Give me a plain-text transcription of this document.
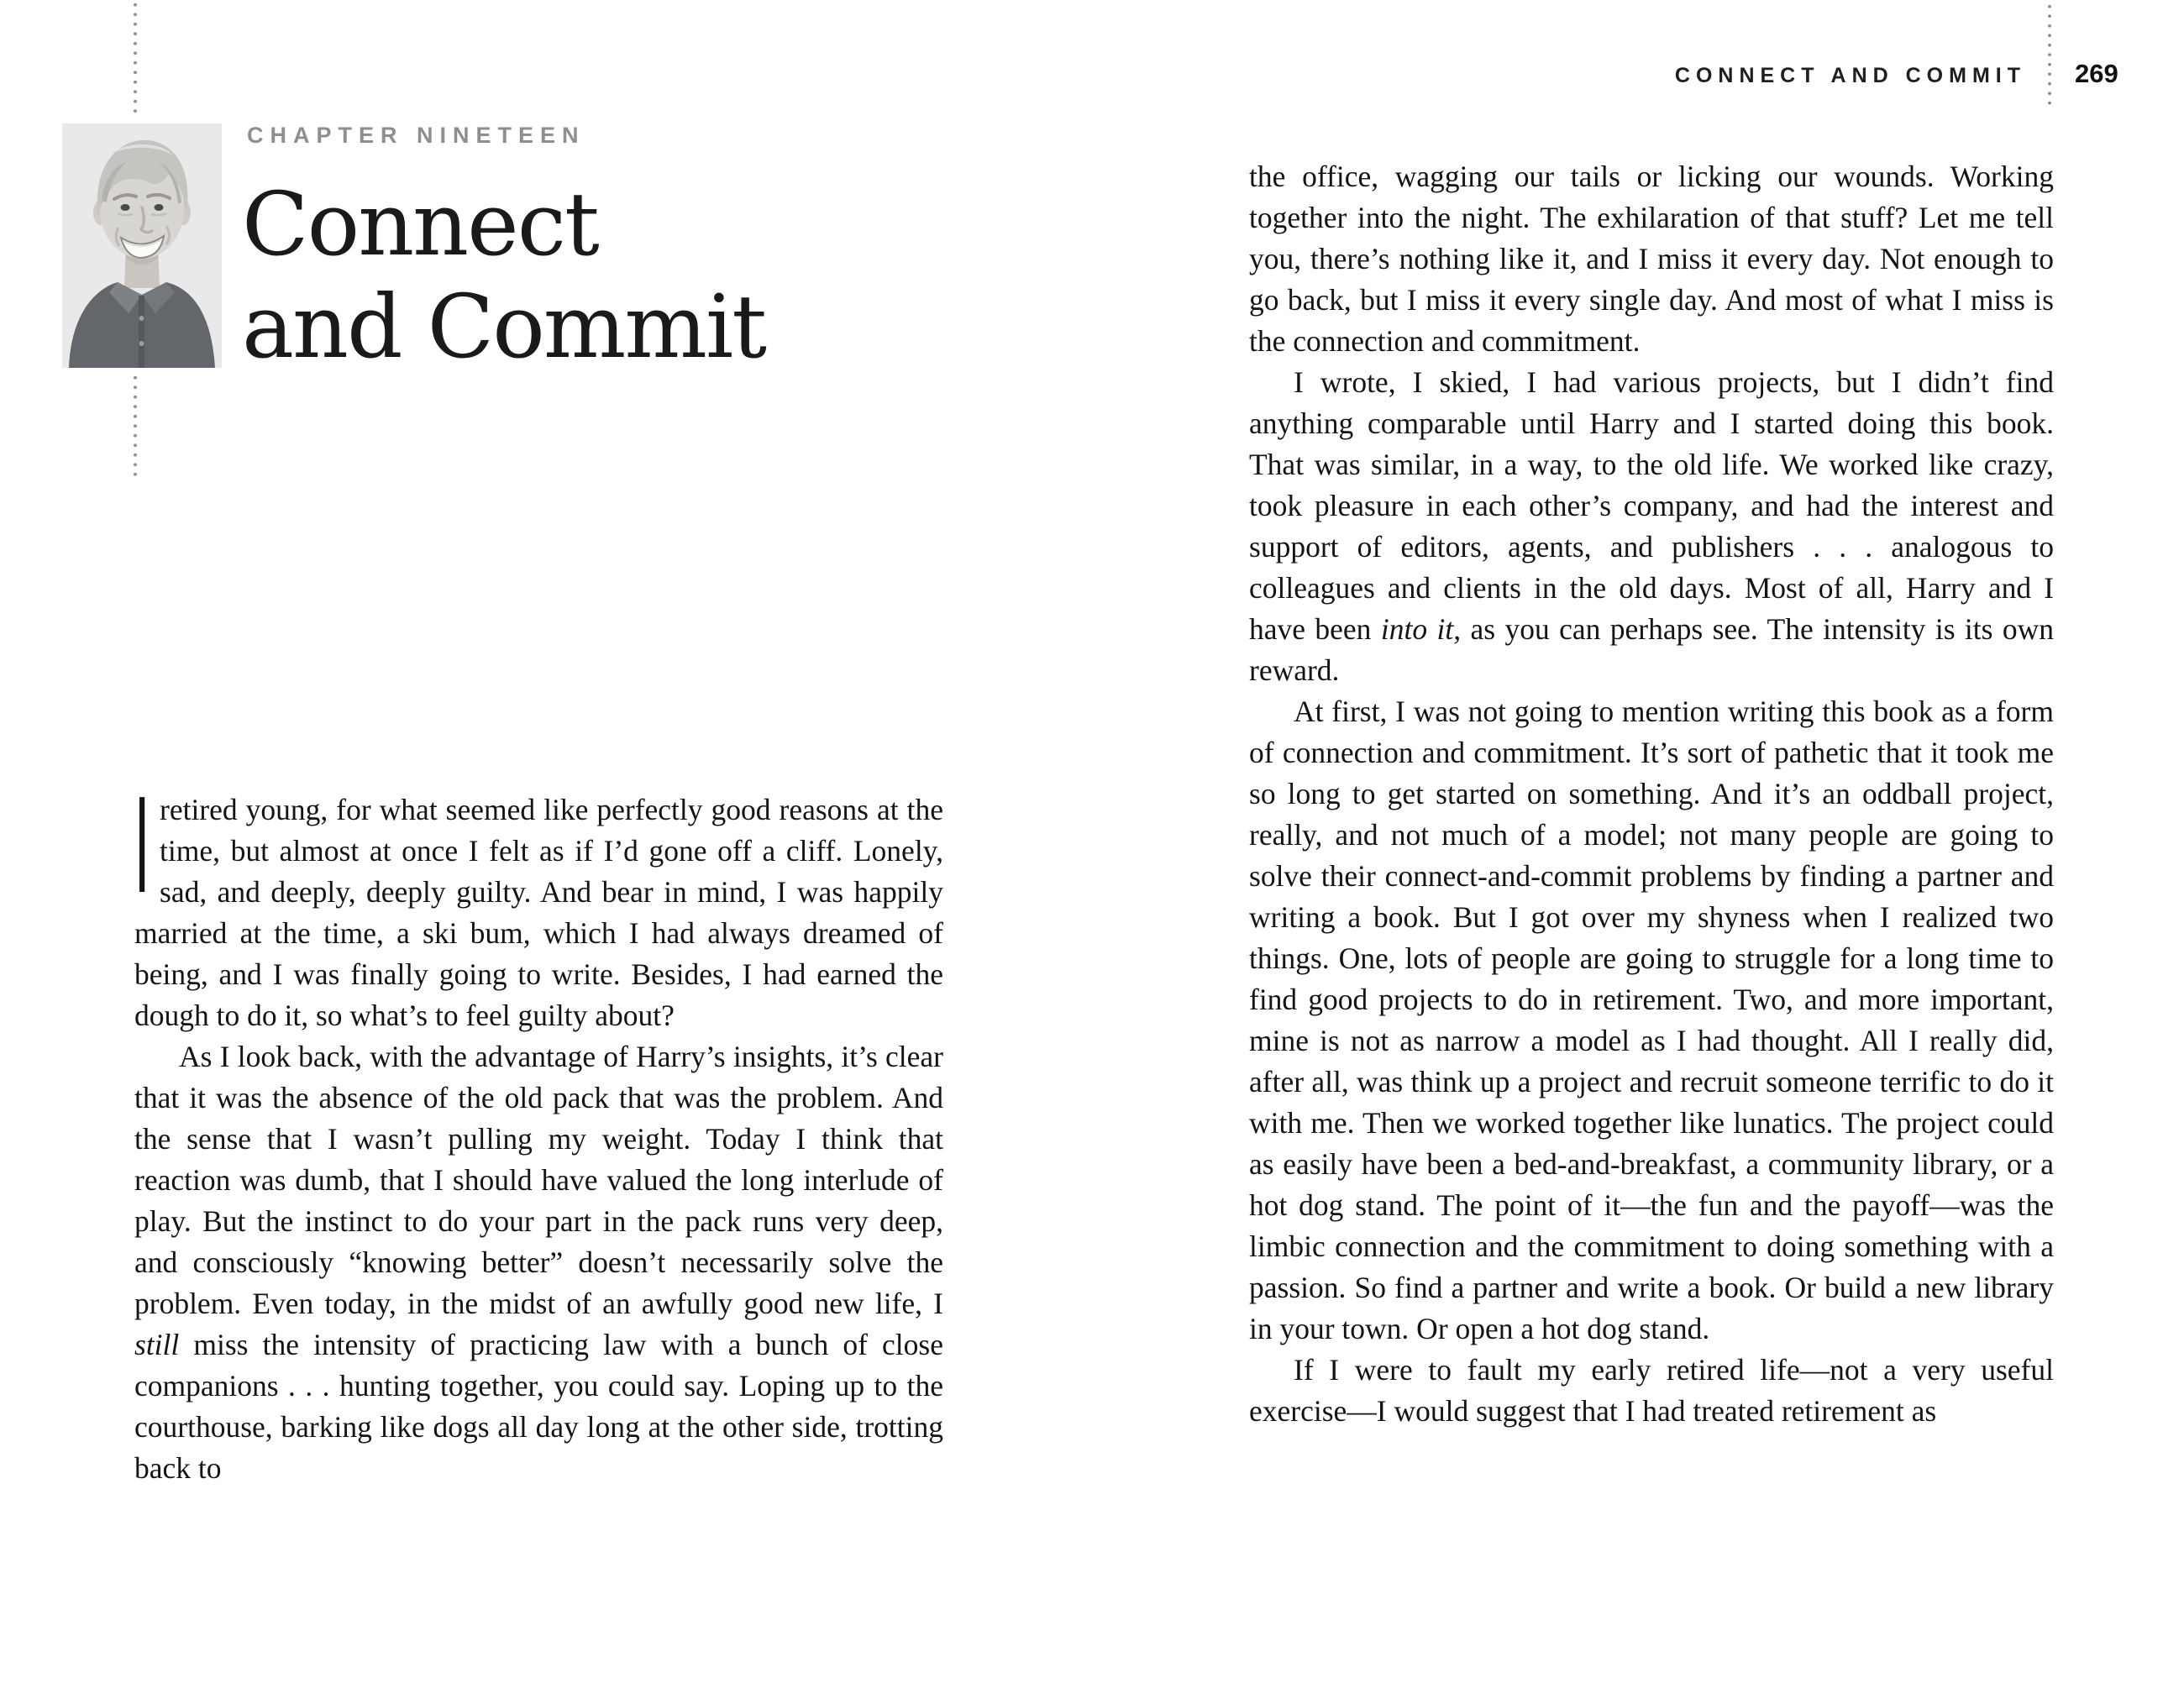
CHAPTER NINETEEN
Connect
and Commit

Iretired young, for what seemed like perfectly good reasons at the time, but almost at once I felt as if I’d gone off a cliff. Lonely, sad, and deeply, deeply guilty. And bear in mind, I was happily married at the time, a ski bum, which I had always dreamed of being, and I was finally going to write. Besides, I had earned the dough to do it, so what’s to feel guilty about?

As I look back, with the advantage of Harry’s insights, it’s clear that it was the absence of the old pack that was the problem. And the sense that I wasn’t pulling my weight. Today I think that reaction was dumb, that I should have valued the long interlude of play. But the instinct to do your part in the pack runs very deep, and consciously “knowing better” doesn’t necessarily solve the problem. Even today, in the midst of an awfully good new life, I still miss the intensity of practicing law with a bunch of close companions . . . hunting together, you could say. Loping up to the courthouse, barking like dogs all day long at the other side, trotting back to

CONNECT AND COMMIT 269

the office, wagging our tails or licking our wounds. Working together into the night. The exhilaration of that stuff? Let me tell you, there’s nothing like it, and I miss it every day. Not enough to go back, but I miss it every single day. And most of what I miss is the connection and commitment.

I wrote, I skied, I had various projects, but I didn’t find anything comparable until Harry and I started doing this book. That was similar, in a way, to the old life. We worked like crazy, took pleasure in each other’s company, and had the interest and support of editors, agents, and publishers . . . analogous to colleagues and clients in the old days. Most of all, Harry and I have been into it, as you can perhaps see. The intensity is its own reward.

At first, I was not going to mention writing this book as a form of connection and commitment. It’s sort of pathetic that it took me so long to get started on something. And it’s an oddball project, really, and not much of a model; not many people are going to solve their connect-and-commit problems by finding a partner and writing a book. But I got over my shyness when I realized two things. One, lots of people are going to struggle for a long time to find good projects to do in retirement. Two, and more important, mine is not as narrow a model as I had thought. All I really did, after all, was think up a project and recruit someone terrific to do it with me. Then we worked together like lunatics. The project could as easily have been a bed-and-breakfast, a community library, or a hot dog stand. The point of it—the fun and the payoff—was the limbic connection and the commitment to doing something with a passion. So find a partner and write a book. Or build a new library in your town. Or open a hot dog stand.

If I were to fault my early retired life—not a very useful exercise—I would suggest that I had treated retirement as
